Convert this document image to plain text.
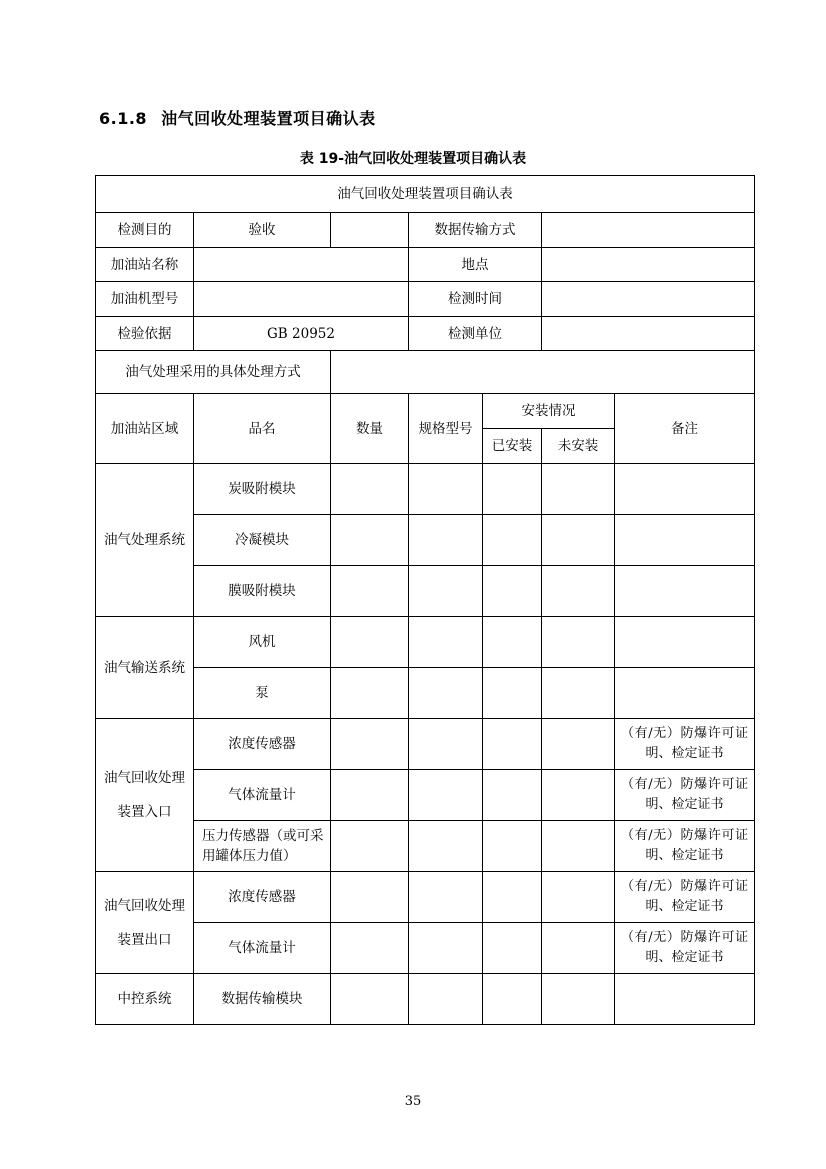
6.1.8 油气回收处理装置项目确认表
表 19-油气回收处理装置项目确认表
油气回收处理装置项目确认表						
检测目的	验收		数据传输方式			
加油站名称			地点			
加油机型号			检测时间			
检验依据	GB 20952		检测单位			
油气处理采用的具体处理方式						
加油站区域	品名	数量	规格型号	安装情况		备注
				已安装	未安装	
油气处理系统	炭吸附模块					
	冷凝模块					
	膜吸附模块					
油气输送系统	风机					
	泵					
油气回收处理装置入口	浓度传感器					（有/无）防爆许可证明、检定证书
	气体流量计					（有/无）防爆许可证明、检定证书
	压力传感器（或可采用罐体压力值）					（有/无）防爆许可证明、检定证书
油气回收处理装置出口	浓度传感器					（有/无）防爆许可证明、检定证书
	气体流量计					（有/无）防爆许可证明、检定证书
中控系统	数据传输模块					
35
